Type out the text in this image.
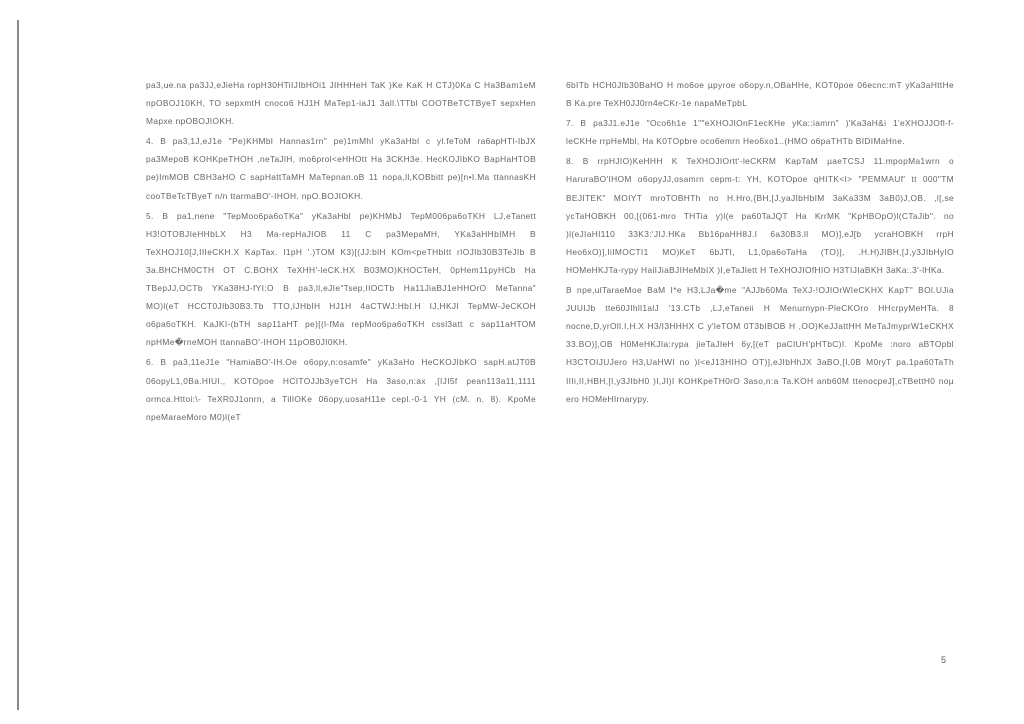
pa3,ue.na pa3JJ,eJieHa ropH30HTiIJIbHOi1 JIHHHeH TaK )Ke KaK H CTJ)0Ka C Ha3Bam1eM npOBOJ10KH, TO sepxmtH cnoco6 HJ1H MaTep1-iaJ1 3all.\TTbl COOTBeTCTByeT sepxHen Mapxe npOBOJIOKH.

4. B pa3,1J,eJ1e "Pe)KHMbl Hannas1rn" pe)1mMhl yKa3aHbl c yl.feToM ra6apHTl-IbJX pa3MepoB KOHKpeTHOH ,neTaJlH, mo6prol<eHHOtt Ha 3CKH3e. HecKOJIbKO BapHaHTOB pe)ImMOB CBH3aHO C sapHattTaMH MaTepnan.oB 11 nopa,ll,KOBbitt pe)[n•I.Ma ttannasKH cooTBeTcTByeT n/n ttarmaBO'-IHOH. npO.BOJIOKH.

5. B pa1,nene "TepMoo6pa6oTKa" yKa3aHbl pe)KHMbJ TepM006pa6oTKH LJ,eTanett H3!OTOBJIeHHbLX H3 Ma-repHaJIOB 11 C pa3MepaMH, YKa3aHHbIMH B TeXHOJ10[J,IIIeCKH.X KapTax. I1pH '.)TOM K3)[(JJ:blH KOm<peTHbItt rIOJIb30B3TeJIb B 3a.BHCHM0CTH OT C.BOHX TeXHH'-leCK.HX B03MO)KHOCTeH, 0pHem11pyHCb Ha TBepJJ,OCTb YKa38HJ-fYI:O B pa3,ll,eJIe"Tsep,IIOCTb Ha11JiaBJ1eHHOrO MeTanna" MO)l(eT HCCT0JIb30B3.Tb TTO,IJHbIH HJ1H 4aCTWJ:HbI.H IJ,HKJI TepMW-JeCKOH o6pa6oTKH. KaJKI-(bTH sap11aHT pe)[(l-fMa repMoo6pa6oTKH cssl3att c sap11aHTOM npHMe�rneMOH ttannaBO'-IHOH 11pOB0JI0KH.

6. B pa3,11eJ1e "HamiaBO'-IH.Oe o6opy,n:osamfe" yKa3aHo HeCKOJIbKO sapH.atJT0B 06opyL1,0Ba.HIUI., KOTOpoe HCITOJJb3yeTCH Ha 3aso,n:ax ,[IJI5f pean113a11,1111 ormca.Httoi:\- TeXR0J1onrn, a TilIOKe 06opy,uosaH11e cepl.-0-1 YH (cM. n. 8). KpoMe npeMaraeMoro M0)l(eT

6bITb HCH0JIb30BaHO H mo6oe µpyroe o6opy.n,OBaHHe, KOT0poe 06ecnc:mT yKa3aHttHe B Ka.pre TeXH0JJ0rn4eCKr-1e napaMeTpbL

7. B pa3J1.eJ1e "Oco6h1e 1""eXHOJIOnF1ecKHe yKa::iamrn" )'Ka3aH&i 1'eXHOJJOfl-f-leCKHe rrpHeMbl, Ha K0TOpbre oco6emrn Heo6xo1..(HMO o6paTHTb BIDIMaHne.

8. B rrpHJIO)KeHHH K TeXHOJIOrtt'-leCKRM KapTaM µaeTCSJ 11.mpopMa1wrn o HaruraBO'IHOM o6opyJJ,osamrn cepm-t: YH, KOTOpoe qHITK<I> "PEMMAUf' tt 000"TM BEJITEK" MOIYT mroTOBHTh no H.Hro,{BH,[J,yaJIbHbIM 3aKa33M 3aB0)J,OB. ,l[,se ycTaHOBKH 00,[(061-mro THTia y)l(e pa60TaJQT Ha KrrMK "KpHBOpO)l(CTaJib''. no )l(eJIaHI110 33K3:'JIJ.HKa Bb16paHH8J.I 6a30B3.ll MO)],eJ[b ycraHOBKH rrpH Heo6xO)],IiIMOCTI1 MO)KeT 6bJTI, L1,0pa6oTaHa (TO)], .H.H)JIBH,[J,y3JIbHyIO HOMeHKJTa-rypy HaiIJiaBJIHeMbIX )I,eTaJlett H TeXHOJIOfHIO H3TIJIaBKH 3aKa:.3'-lHKa.

B npe,ulTaraeMoe BaM I*e H3,LJa�me "AJJb60Ma TeXJ-!OJIOrWIeCKHX KapT" BOl.UJia JUUIJb tte60JIhll1alJ '13.CTb ,LJ,eTaneii H Menurnypn-PleCKOro HHcrpyMeHTa. 8 nocne,D,yrOll.I,H.X H3/I3HHHX C y'leTOM 0T3bIBOB H ,OO)KeJJattHH MeTaJmyprW1eCKHX 33.BO)],OB H0MeHKJIa:rypa jieTaJIeH 6y,[(eT paCIUH'pHTbC)I. KpoMe :noro aBTOpbl H3CTOIJUJero H3,UaHWI no )I<eJ13HIHO OT)],eJIbHhJX 3aBO,[I,0B M0ryT pa.1pa60TaTh IIIi,II,HBH,[I,y3JIbH0 )I,JI)I KOHKpeTH0rO 3aso,n:a Ta.KOH anb60M ttenocpeJ],cTBettH0 noµ ero HOMeHIrnarypy.

5
